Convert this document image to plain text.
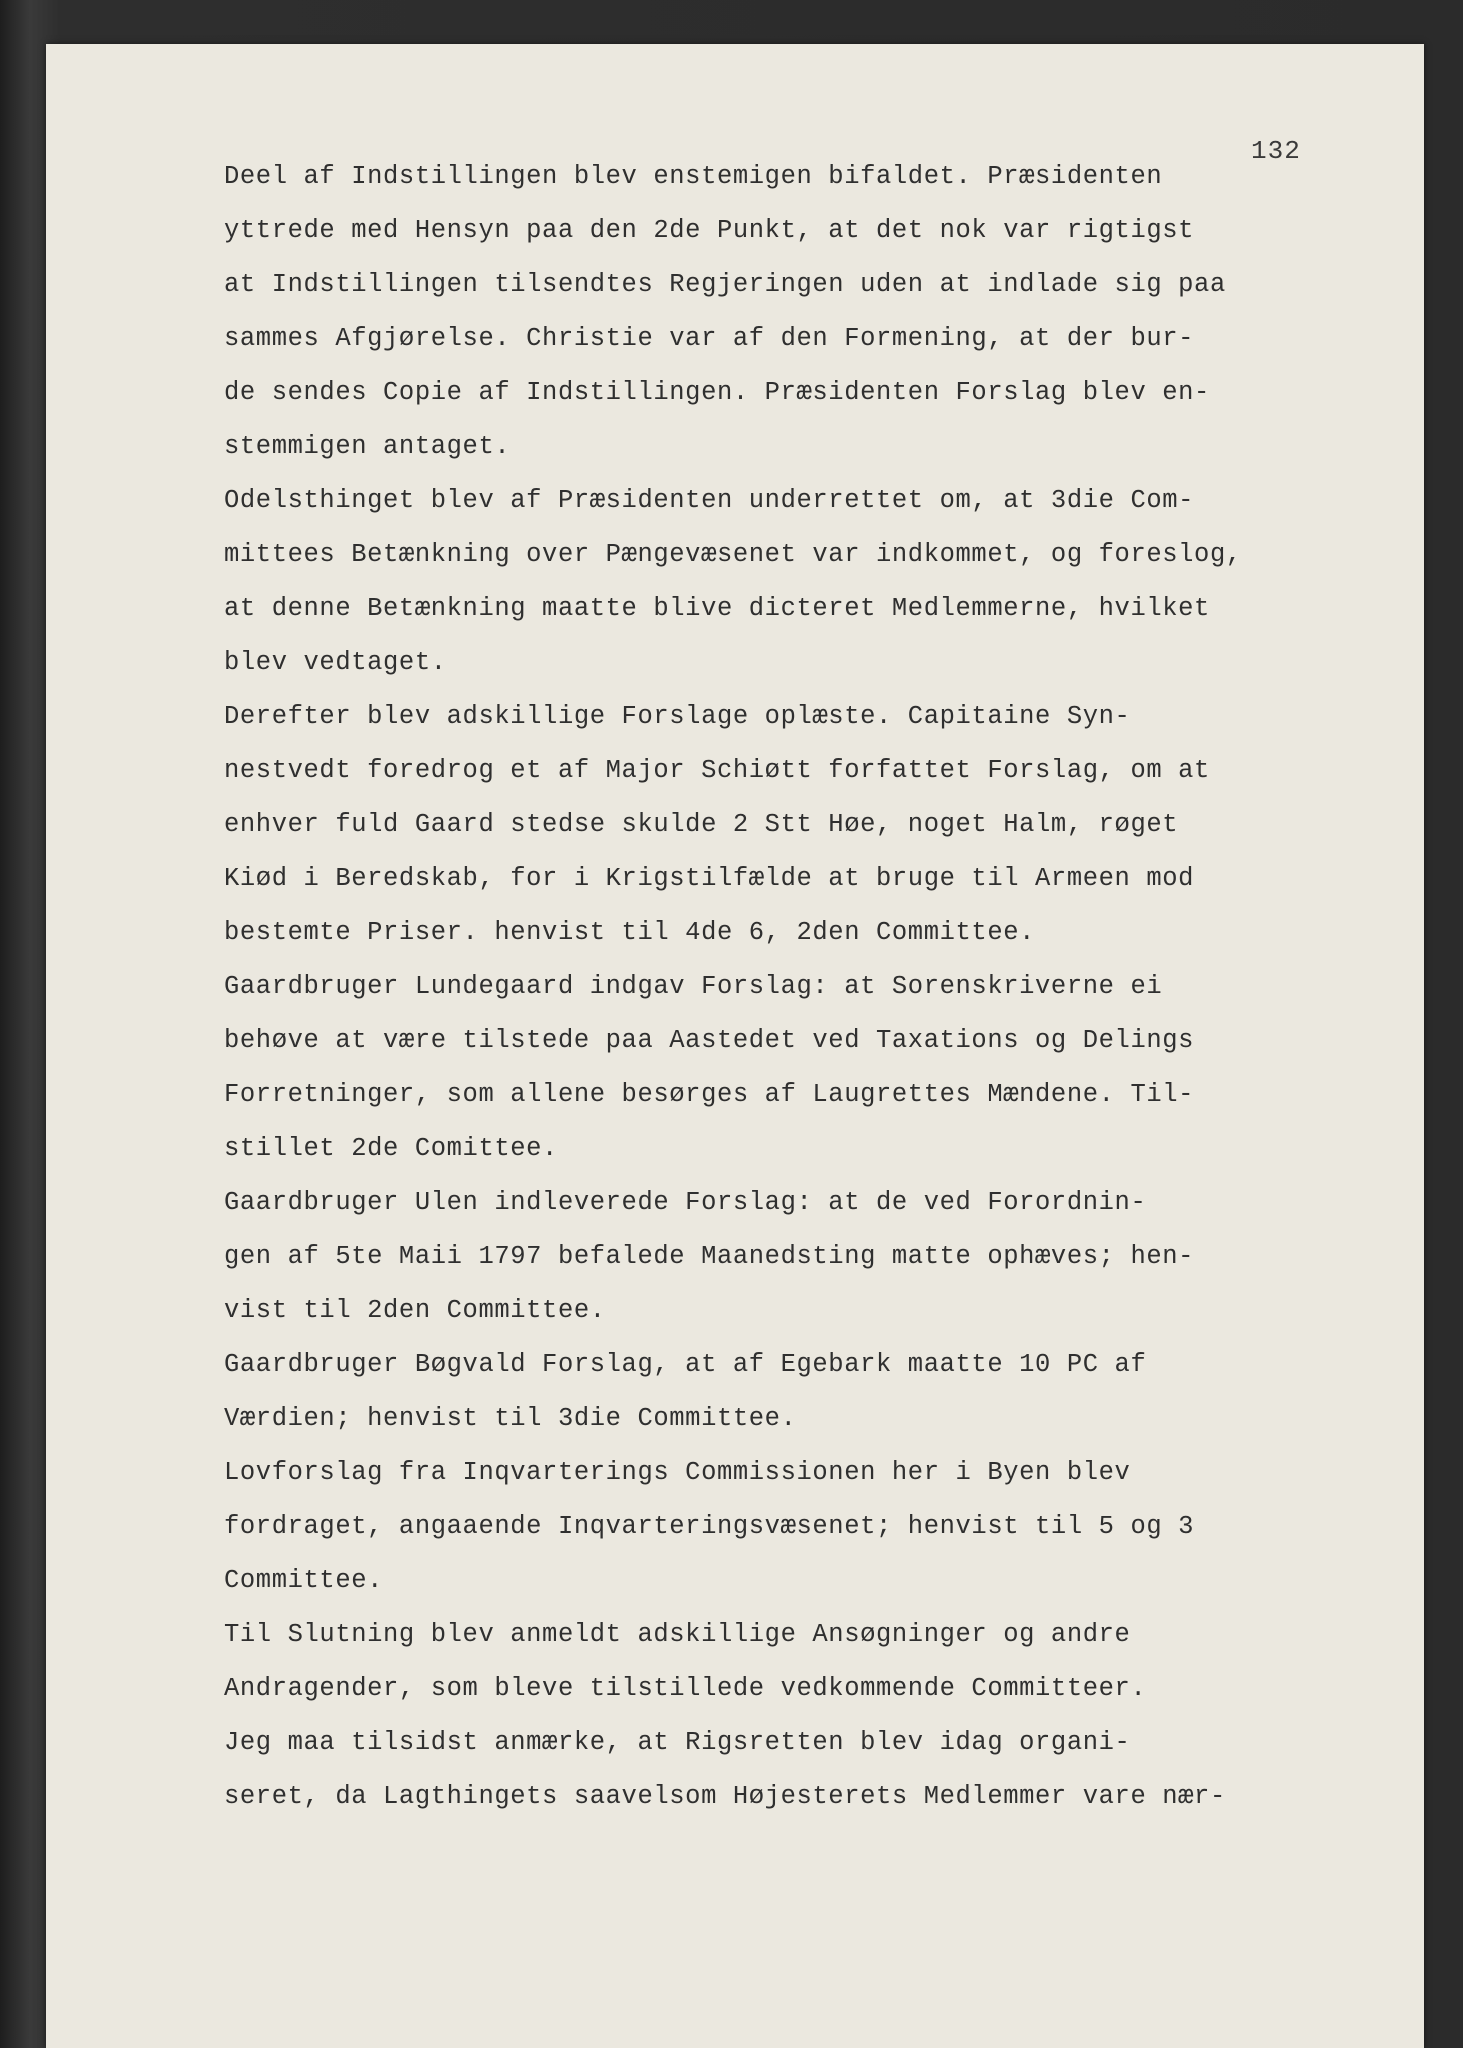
132
Deel af Indstillingen blev enstemigen bifaldet. Præsidenten
yttrede med Hensyn paa den 2de Punkt, at det nok var rigtigst
at Indstillingen tilsendtes Regjeringen uden at indlade sig paa
sammes Afgjørelse. Christie var af den Formening, at der bur-
de sendes Copie af Indstillingen. Præsidenten Forslag blev en-
stemmigen antaget.
Odelsthinget blev af Præsidenten underrettet om, at 3die Com-
mittees Betænkning over Pængevæsenet var indkommet, og foreslog,
at denne Betænkning maatte blive dicteret Medlemmerne, hvilket
blev vedtaget.
Derefter blev adskillige Forslage oplæste. Capitaine Syn-
nestvedt foredrog et af Major Schiøtt forfattet Forslag, om at
enhver fuld Gaard stedse skulde 2 Stt Høe, noget Halm, røget
Kiød i Beredskab, for i Krigstilfælde at bruge til Armeen mod
bestemte Priser. henvist til 4de 6, 2den Committee.
Gaardbruger Lundegaard indgav Forslag: at Sorenskriverne ei
behøve at være tilstede paa Aastedet ved Taxations og Delings
Forretninger, som allene besørges af Laugrettes Mændene. Til-
stillet 2de Comittee.
Gaardbruger Ulen indleverede Forslag: at de ved Forordnin-
gen af 5te Maii 1797 befalede Maanedsting matte ophæves; hen-
vist til 2den Committee.
Gaardbruger Bøgvald Forslag, at af Egebark maatte 10 PC af
Værdien; henvist til 3die Committee.
Lovforslag fra Inqvarterings Commissionen her i Byen blev
fordraget, angaaende Inqvarteringsvæsenet; henvist til 5 og 3
Committee.
Til Slutning blev anmeldt adskillige Ansøgninger og andre
Andragender, som bleve tilstillede vedkommende Committeer.
Jeg maa tilsidst anmærke, at Rigsretten blev idag organi-
seret, da Lagthingets saavelsom Højesterets Medlemmer vare nær-
